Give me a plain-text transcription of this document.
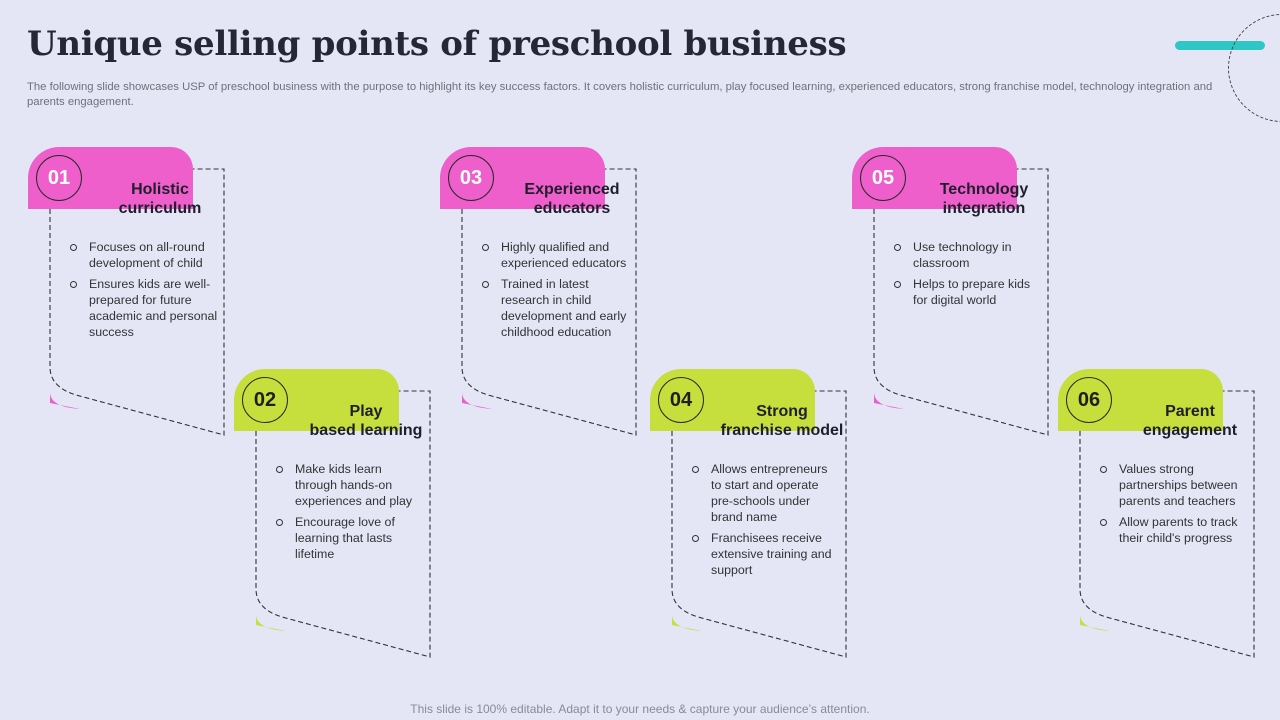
Unique selling points of preschool business
The following slide showcases USP of preschool business with the purpose to highlight its key success factors. It covers holistic curriculum, play focused learning, experienced educators, strong franchise model, technology integration and parents engagement.
01
Holistic
curriculum
Focuses on all-round development of child
Ensures kids are well-prepared for future academic and personal success
02
Play
based learning
Make kids learn through hands-on experiences and play
Encourage love of learning that lasts lifetime
03
Experienced
educators
Highly qualified and experienced educators
Trained in latest research in child development and early childhood education
04
Strong
franchise model
Allows entrepreneurs to start and operate pre-schools under brand name
Franchisees receive extensive training and support
05
Technology
integration
Use technology in classroom
Helps to prepare kids for digital world
06
Parent
engagement
Values strong partnerships between parents and teachers
Allow parents to track their child's progress
This slide is 100% editable. Adapt it to your needs & capture your audience’s attention.
